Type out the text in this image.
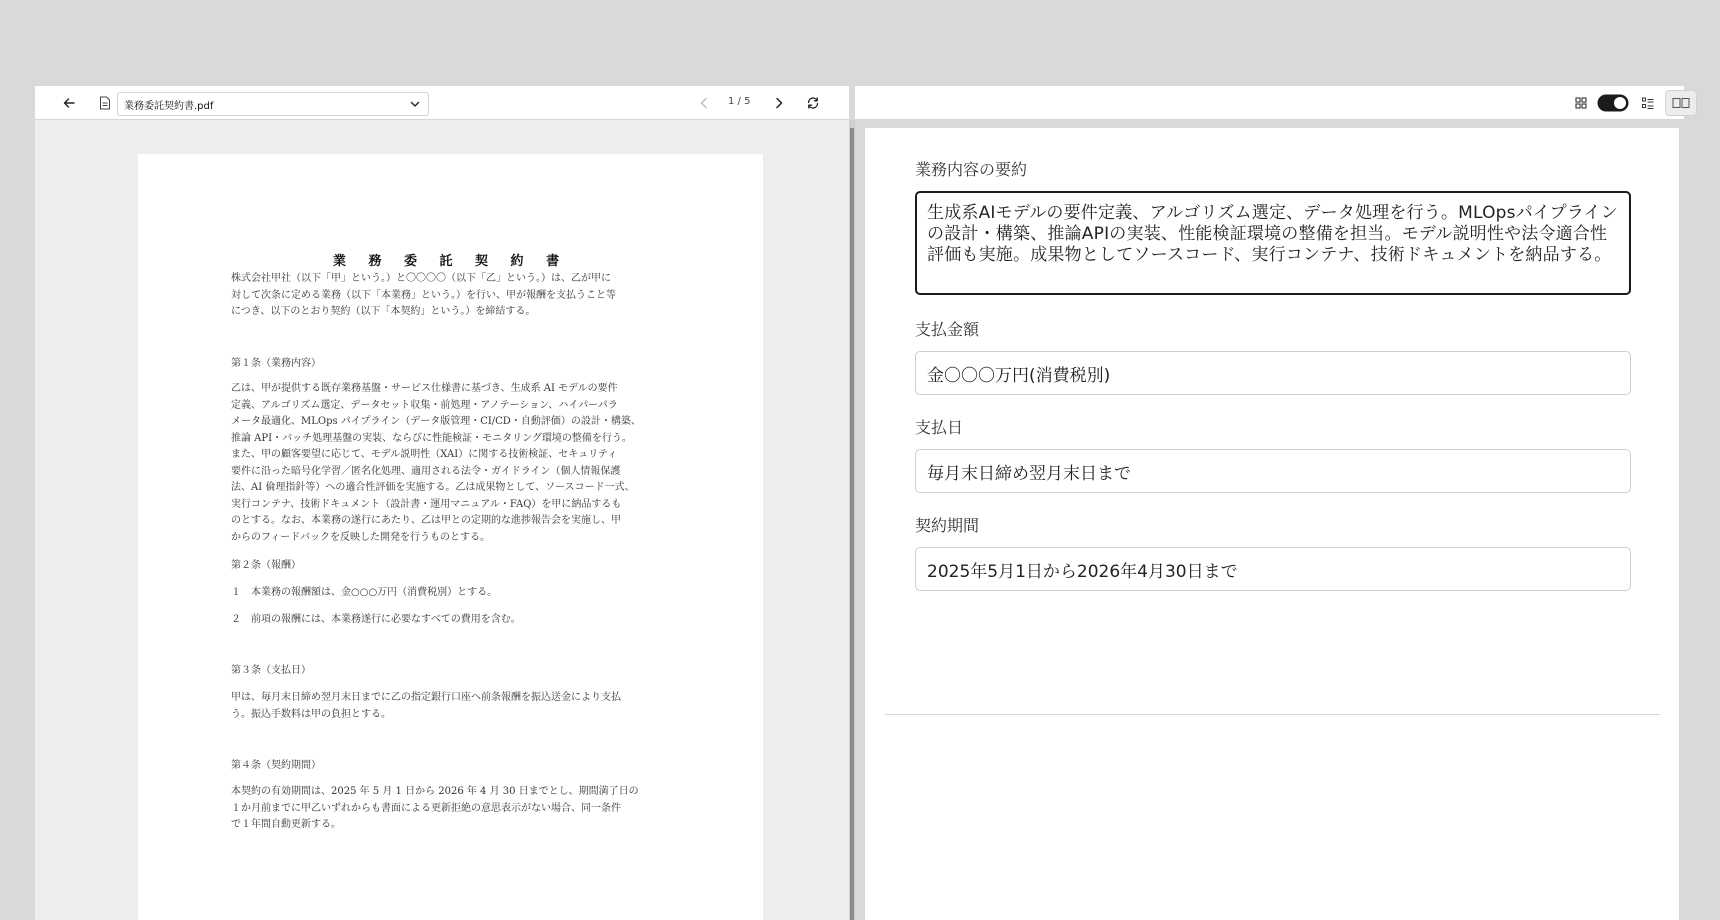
業務委託契約書.pdf	1 / 5
業 務 委 託 契 約 書
株式会社甲社（以下「甲」という。）と〇〇〇〇（以下「乙」という。）は、乙が甲に
対して次条に定める業務（以下「本業務」という。）を行い、甲が報酬を支払うこと等
につき、以下のとおり契約（以下「本契約」という。）を締結する。
第１条（業務内容）
乙は、甲が提供する既存業務基盤・サービス仕様書に基づき、生成系 AI モデルの要件
定義、アルゴリズム選定、データセット収集・前処理・アノテーション、ハイパーパラ
メータ最適化、MLOps パイプライン（データ版管理・CI/CD・自動評価）の設計・構築、
推論 API・バッチ処理基盤の実装、ならびに性能検証・モニタリング環境の整備を行う。
また、甲の顧客要望に応じて、モデル説明性（XAI）に関する技術検証、セキュリティ
要件に沿った暗号化学習／匿名化処理、適用される法令・ガイドライン（個人情報保護
法、AI 倫理指針等）への適合性評価を実施する。乙は成果物として、ソースコード一式、
実行コンテナ、技術ドキュメント（設計書・運用マニュアル・FAQ）を甲に納品するも
のとする。なお、本業務の遂行にあたり、乙は甲との定期的な進捗報告会を実施し、甲
からのフィードバックを反映した開発を行うものとする。
第２条（報酬）
１　本業務の報酬額は、金○○○万円（消費税別）とする。
２　前項の報酬には、本業務遂行に必要なすべての費用を含む。
第３条（支払日）
甲は、毎月末日締め翌月末日までに乙の指定銀行口座へ前条報酬を振込送金により支払
う。振込手数料は甲の負担とする。
第４条（契約期間）
本契約の有効期間は、2025 年 5 月 1 日から 2026 年 4 月 30 日までとし、期間満了日の
１か月前までに甲乙いずれからも書面による更新拒絶の意思表示がない場合、同一条件
で１年間自動更新する。
業務内容の要約
生成系AIモデルの要件定義、アルゴリズム選定、データ処理を行う。MLOpsパイプラインの設計・構築、推論APIの実装、性能検証環境の整備を担当。モデル説明性や法令適合性評価も実施。成果物としてソースコード、実行コンテナ、技術ドキュメントを納品する。
支払金額
金〇〇〇万円(消費税別)
支払日
毎月末日締め翌月末日まで
契約期間
2025年5月1日から2026年4月30日まで
